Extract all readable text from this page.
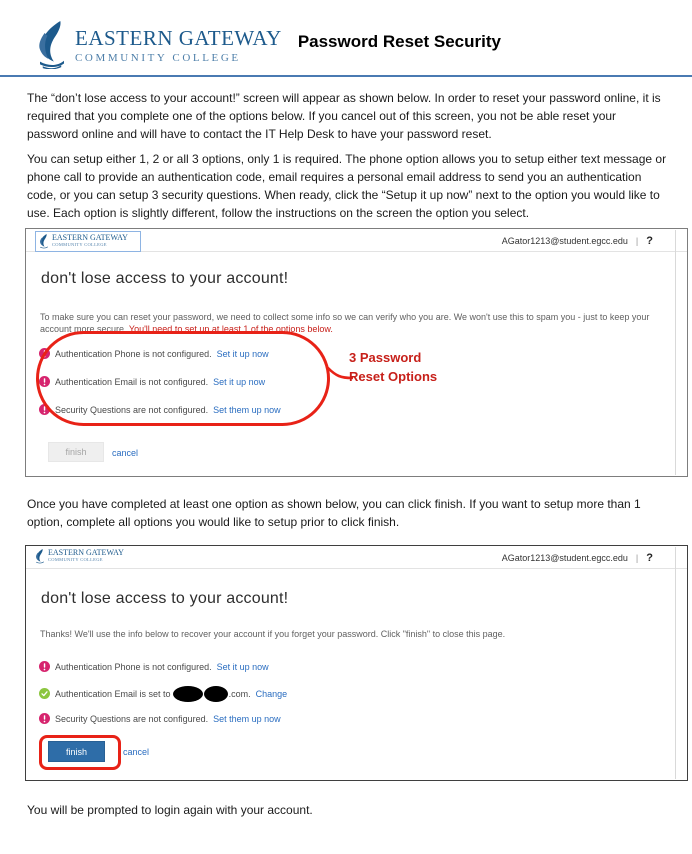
EASTERN GATEWAY
COMMUNITY COLLEGE
Password Reset Security

The “don’t lose access to your account!” screen will appear as shown below. In order to reset your password online, it is required that you complete one of the options below. If you cancel out of this screen, you not be able reset your password online and will have to contact the IT Help Desk to have your password reset.

You can setup either 1, 2 or all 3 options, only 1 is required. The phone option allows you to setup either text message or phone call to provide an authentication code, email requires a personal email address to send you an authentication code, or you can setup 3 security questions. When ready, click the “Setup it up now” next to the option you would like to use. Each option is slightly different, follow the instructions on the screen the option you select.

EASTERN GATEWAY
COMMUNITY COLLEGE	AGator1213@student.egcc.edu | ?
don't lose access to your account!

To make sure you can reset your password, we need to collect some info so we can verify who you are. We won't use this to spam you - just to keep your account more secure. You'll need to set up at least 1 of the options below.

Authentication Phone is not configured. Set it up now
Authentication Email is not configured. Set it up now
Security Questions are not configured. Set them up now
3 Password
Reset Options
finish	cancel

Once you have completed at least one option as shown below, you can click finish. If you want to setup more than 1 option, complete all options you would like to setup prior to click finish.

EASTERN GATEWAY
COMMUNITY COLLEGE	AGator1213@student.egcc.edu | ?
don't lose access to your account!

Thanks! We'll use the info below to recover your account if you forget your password. Click "finish" to close this page.

Authentication Phone is not configured. Set it up now
Authentication Email is set to	.com. Change
Security Questions are not configured. Set them up now
finish	cancel

You will be prompted to login again with your account.
